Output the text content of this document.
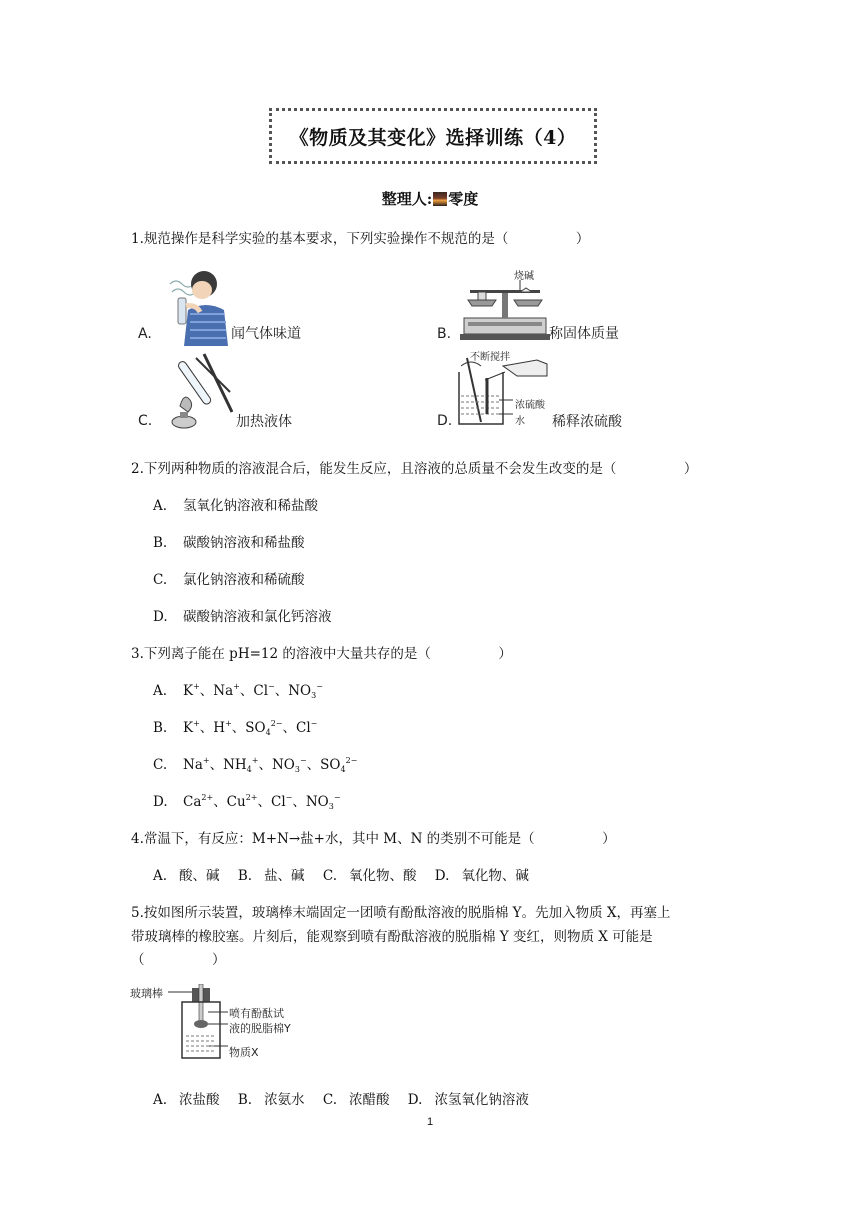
《物质及其变化》选择训练（4）
整理人: 零度
1.规范操作是科学实验的基本要求，下列实验操作不规范的是（　　　　　）
A.	闻气体味道	B.
烧碱
称固体质量
C.	加热液体	D.
不断搅拌
浓硫酸
水 稀释浓硫酸
2.下列两种物质的溶液混合后，能发生反应，且溶液的总质量不会发生改变的是（　　　　　）
A. 氢氧化钠溶液和稀盐酸
B. 碳酸钠溶液和稀盐酸
C. 氯化钠溶液和稀硫酸
D. 碳酸钠溶液和氯化钙溶液
3.下列离子能在 pH=12 的溶液中大量共存的是（　　　　　）
A. K+、Na+、Cl−、$NO_3^-$
B. K+、H+、$SO_4^{2-}$、Cl−
C. Na+、$NH_4^+$、$NO_3^-$、$SO_4^{2-}$
D. $Ca^{2+}$、$Cu^{2+}$、Cl−、$NO_3^-$
4.常温下，有反应：M+N→盐+水，其中 M、N 的类别不可能是（　　　　　）
A. 酸、碱 B. 盐、碱 C. 氧化物、酸 D. 氧化物、碱
5.按如图所示装置，玻璃棒末端固定一团喷有酚酞溶液的脱脂棉 Y。先加入物质 X，再塞上
带玻璃棒的橡胶塞。片刻后，能观察到喷有酚酞溶液的脱脂棉 Y 变红，则物质 X 可能是
（　　　　　）
玻璃棒
喷有酚酞试
液的脱脂棉Y
物质X
A. 浓盐酸 B. 浓氨水 C. 浓醋酸 D. 浓氢氧化钠溶液
1
